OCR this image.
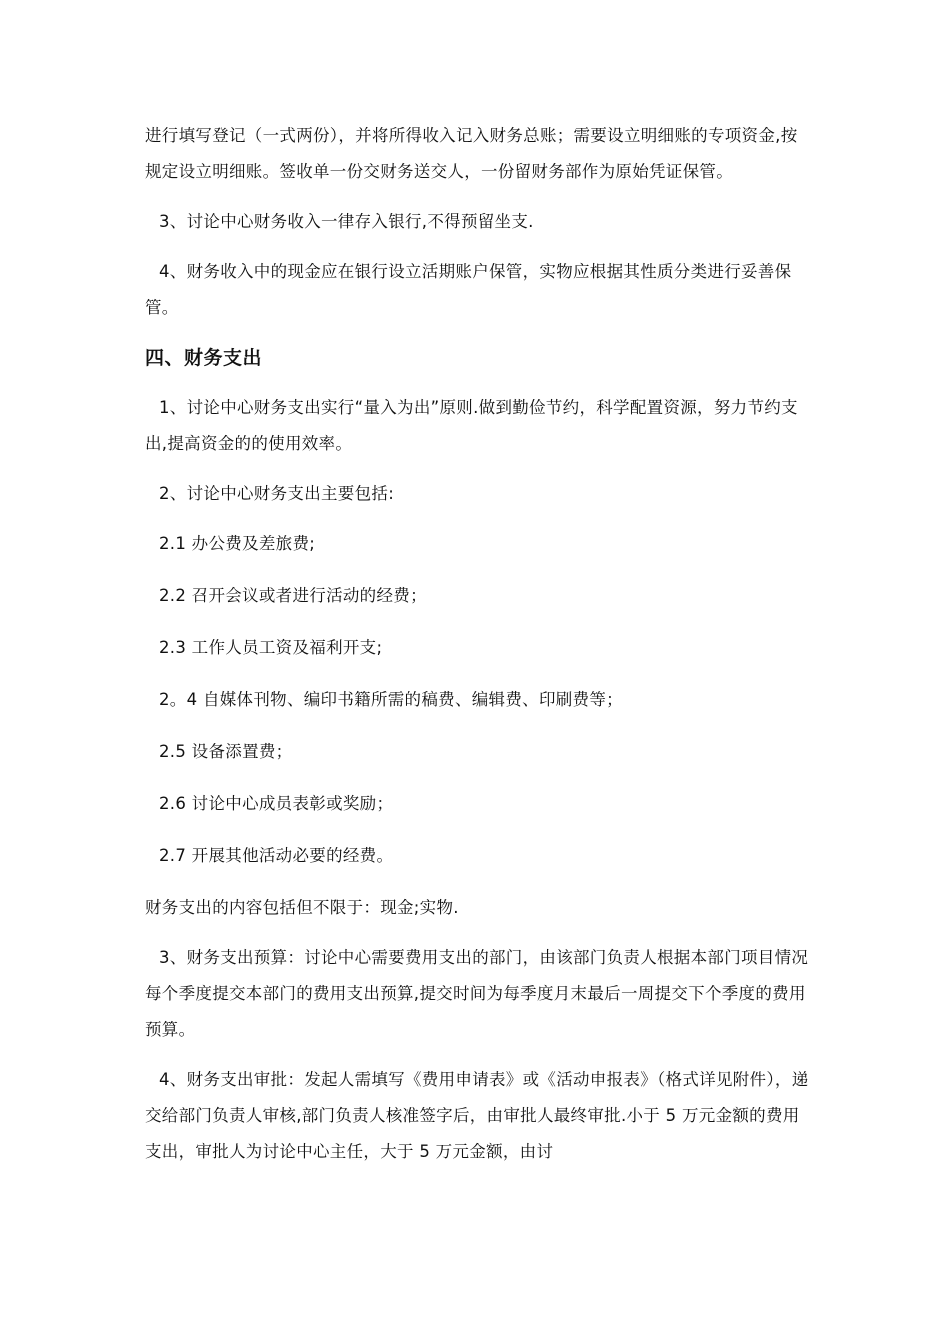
进行填写登记（一式两份），并将所得收入记入财务总账；需要设立明细账的专项资金,按规定设立明细账。签收单一份交财务送交人，一份留财务部作为原始凭证保管。

3、讨论中心财务收入一律存入银行,不得预留坐支.

4、财务收入中的现金应在银行设立活期账户保管，实物应根据其性质分类进行妥善保管。

四、财务支出

1、讨论中心财务支出实行“量入为出”原则.做到勤俭节约，科学配置资源，努力节约支出,提高资金的的使用效率。

2、讨论中心财务支出主要包括:

2.1 办公费及差旅费;

2.2 召开会议或者进行活动的经费；

2.3 工作人员工资及福利开支;

2。4 自媒体刊物、编印书籍所需的稿费、编辑费、印刷费等；

2.5 设备添置费；

2.6 讨论中心成员表彰或奖励；

2.7 开展其他活动必要的经费。

财务支出的内容包括但不限于：现金;实物.

3、财务支出预算：讨论中心需要费用支出的部门，由该部门负责人根据本部门项目情况每个季度提交本部门的费用支出预算,提交时间为每季度月末最后一周提交下个季度的费用预算。

4、财务支出审批：发起人需填写《费用申请表》或《活动申报表》（格式详见附件），递交给部门负责人审核,部门负责人核准签字后，由审批人最终审批.小于 5 万元金额的费用支出，审批人为讨论中心主任，大于 5 万元金额，由讨
